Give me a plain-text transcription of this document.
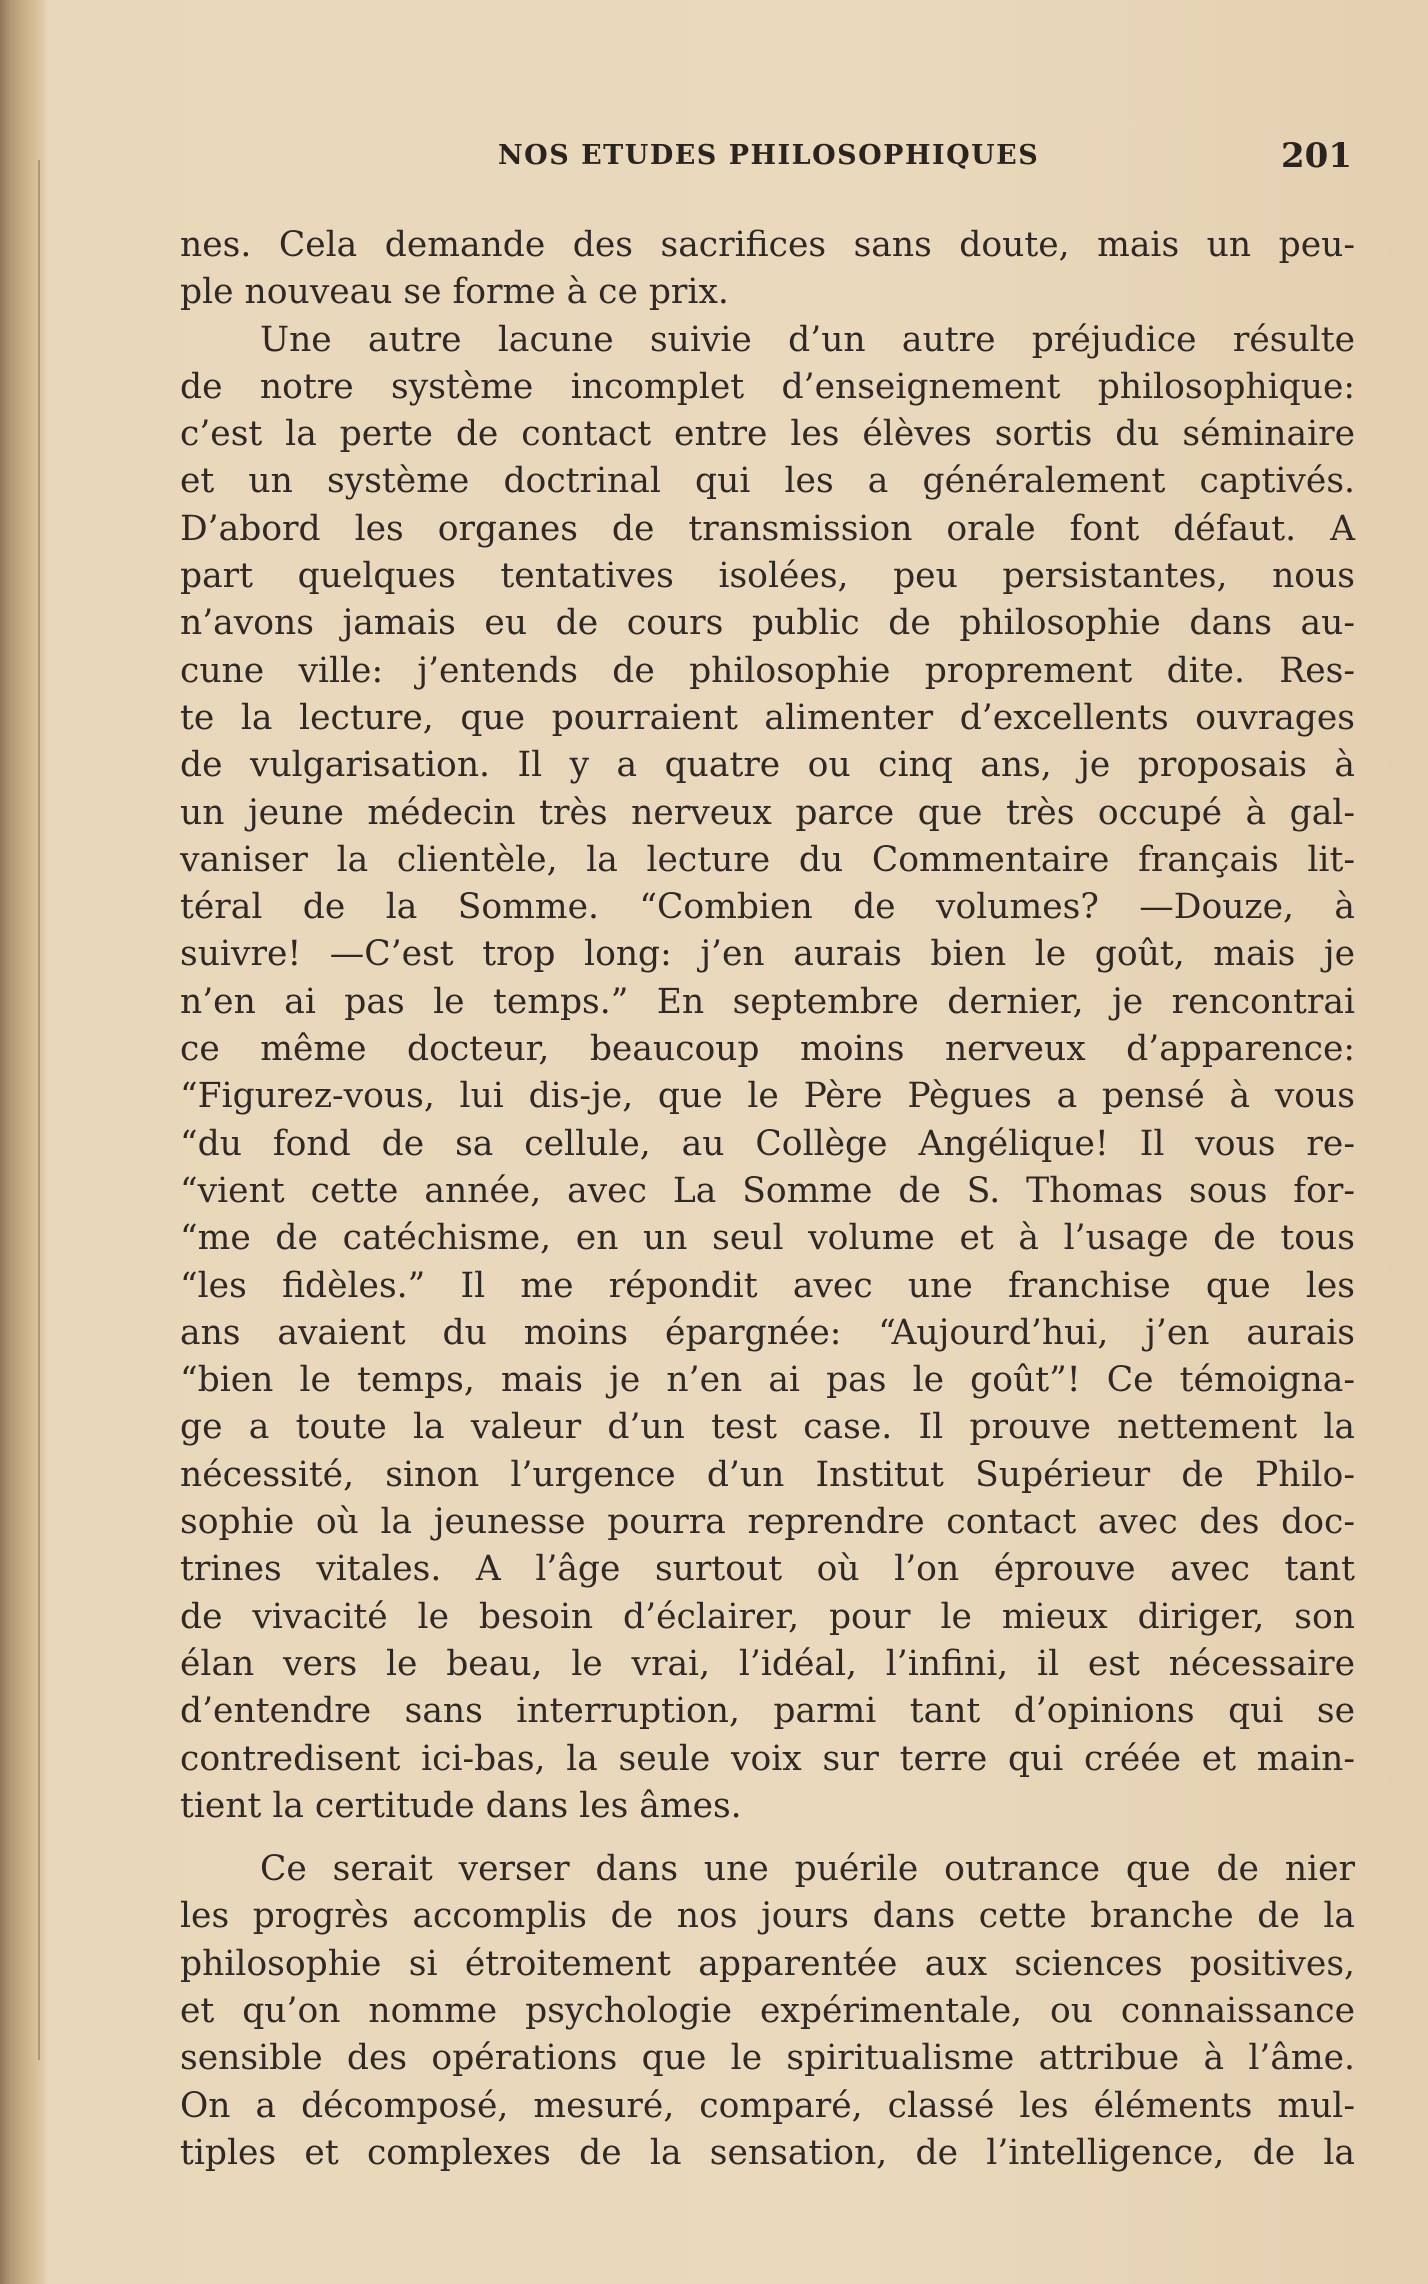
NOS ETUDES PHILOSOPHIQUES	201

nes. Cela demande des sacrifices sans doute, mais un peu-
ple nouveau se forme à ce prix.

Une autre lacune suivie d’un autre préjudice résulte
de notre système incomplet d’enseignement philosophique:
c’est la perte de contact entre les élèves sortis du séminaire
et un système doctrinal qui les a généralement captivés.
D’abord les organes de transmission orale font défaut. A
part quelques tentatives isolées, peu persistantes, nous
n’avons jamais eu de cours public de philosophie dans au-
cune ville: j’entends de philosophie proprement dite. Res-
te la lecture, que pourraient alimenter d’excellents ouvrages
de vulgarisation. Il y a quatre ou cinq ans, je proposais à
un jeune médecin très nerveux parce que très occupé à gal-
vaniser la clientèle, la lecture du Commentaire français lit-
téral de la Somme. “Combien de volumes? —Douze, à
suivre! —C’est trop long: j’en aurais bien le goût, mais je
n’en ai pas le temps.” En septembre dernier, je rencontrai
ce même docteur, beaucoup moins nerveux d’apparence:
“Figurez-vous, lui dis-je, que le Père Pègues a pensé à vous
“du fond de sa cellule, au Collège Angélique! Il vous re-
“vient cette année, avec La Somme de S. Thomas sous for-
“me de catéchisme, en un seul volume et à l’usage de tous
“les fidèles.” Il me répondit avec une franchise que les
ans avaient du moins épargnée: “Aujourd’hui, j’en aurais
“bien le temps, mais je n’en ai pas le goût”! Ce témoigna-
ge a toute la valeur d’un test case. Il prouve nettement la
nécessité, sinon l’urgence d’un Institut Supérieur de Philo-
sophie où la jeunesse pourra reprendre contact avec des doc-
trines vitales. A l’âge surtout où l’on éprouve avec tant
de vivacité le besoin d’éclairer, pour le mieux diriger, son
élan vers le beau, le vrai, l’idéal, l’infini, il est nécessaire
d’entendre sans interruption, parmi tant d’opinions qui se
contredisent ici-bas, la seule voix sur terre qui créée et main-
tient la certitude dans les âmes.

Ce serait verser dans une puérile outrance que de nier
les progrès accomplis de nos jours dans cette branche de la
philosophie si étroitement apparentée aux sciences positives,
et qu’on nomme psychologie expérimentale, ou connaissance
sensible des opérations que le spiritualisme attribue à l’âme.
On a décomposé, mesuré, comparé, classé les éléments mul-
tiples et complexes de la sensation, de l’intelligence, de la
